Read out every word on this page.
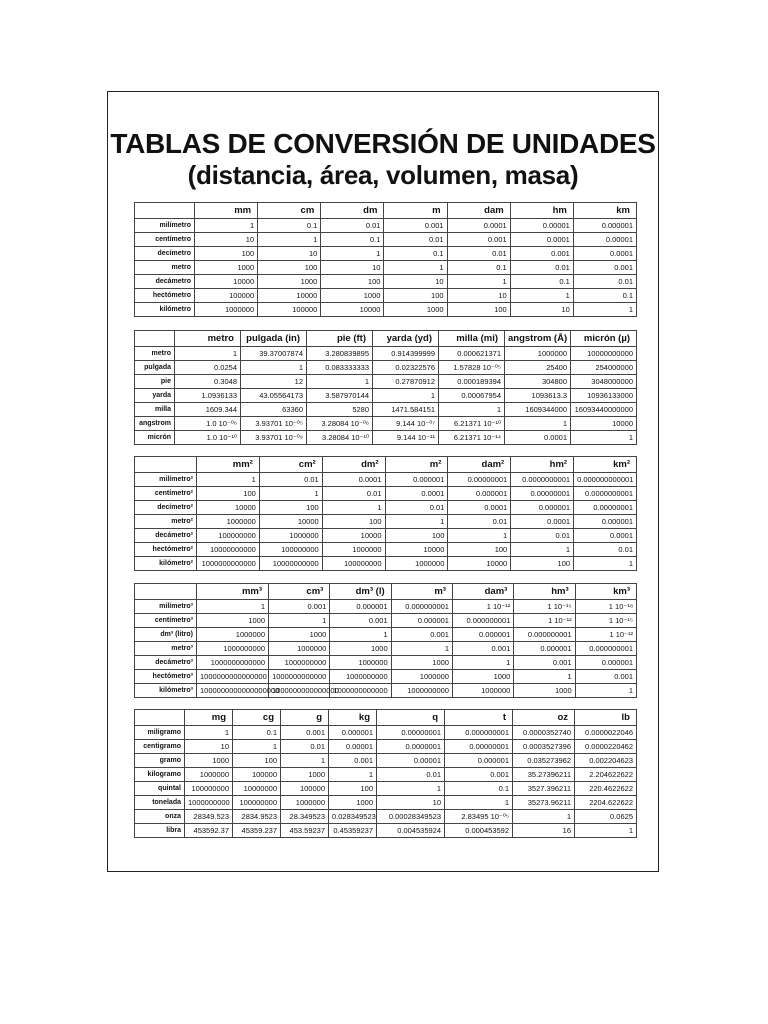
TABLAS DE CONVERSIÓN DE UNIDADES
(distancia, área, volumen, masa)
	mm	cm	dm	m	dam	hm	km
milímetro	1	0.1	0.01	0.001	0.0001	0.00001	0.000001
centímetro	10	1	0.1	0.01	0.001	0.0001	0.00001
decímetro	100	10	1	0.1	0.01	0.001	0.0001
metro	1000	100	10	1	0.1	0.01	0.001
decámetro	10000	1000	100	10	1	0.1	0.01
hectómetro	100000	10000	1000	100	10	1	0.1
kilómetro	1000000	100000	10000	1000	100	10	1
	metro	pulgada (in)	pie (ft)	yarda (yd)	milla (mi)	angstrom (Å)	micrón (µ)
metro	1	39.37007874	3.280839895	0.914399999	0.000621371	1000000	10000000000
pulgada	0.0254	1	0.083333333	0.02322576	1.57828 10⁻⁰⁵	25400	254000000
pie	0.3048	12	1	0.27870912	0.000189394	304800	3048000000
yarda	1.0936133	43.05564173	3.587970144	1	0.00067954	1093613.3	10936133000
milla	1609.344	63360	5280	1471.584151	1	1609344000	16093440000000
angstrom	1.0 10⁻⁰⁶	3.93701 10⁻⁰⁵	3.28084 10⁻⁰⁶	9.144 10⁻⁰⁷	6.21371 10⁻¹⁰	1	10000
micrón	1.0 10⁻¹⁰	3.93701 10⁻⁰⁹	3.28084 10⁻¹⁰	9.144 10⁻¹¹	6.21371 10⁻¹⁴	0.0001	1
	mm²	cm²	dm²	m²	dam²	hm²	km²
milímetro²	1	0.01	0.0001	0.000001	0.00000001	0.0000000001	0.000000000001
centímetro²	100	1	0.01	0.0001	0.000001	0.00000001	0.0000000001
decímetro²	10000	100	1	0.01	0.0001	0.000001	0.00000001
metro²	1000000	10000	100	1	0.01	0.0001	0.000001
decámetro²	100000000	1000000	10000	100	1	0.01	0.0001
hectómetro²	10000000000	100000000	1000000	10000	100	1	0.01
kilómetro²	1000000000000	10000000000	100000000	1000000	10000	100	1
	mm³	cm³	dm³ (l)	m³	dam³	hm³	km³
milímetro³	1	0.001	0.000001	0.000000001	1 10⁻¹²	1 10⁻¹⁵	1 10⁻¹⁸
centímetro³	1000	1	0.001	0.000001	0.000000001	1 10⁻¹²	1 10⁻¹⁵
dm³ (litro)	1000000	1000	1	0.001	0.000001	0.000000001	1 10⁻¹²
metro³	1000000000	1000000	1000	1	0.001	0.000001	0.000000001
decámetro³	1000000000000	1000000000	1000000	1000	1	0.001	0.000001
hectómetro³	1000000000000000	1000000000000	1000000000	1000000	1000	1	0.001
kilómetro³	1000000000000000000	1000000000000000	1000000000000	1000000000	1000000	1000	1
	mg	cg	g	kg	q	t	oz	lb
miligramo	1	0.1	0.001	0.000001	0.00000001	0.000000001	0.0000352740	0.0000022046
centigramo	10	1	0.01	0.00001	0.0000001	0.00000001	0.0003527396	0.0000220462
gramo	1000	100	1	0.001	0.00001	0.000001	0.035273962	0.002204623
kilogramo	1000000	100000	1000	1	0.01	0.001	35.27396211	2.204622622
quintal	100000000	10000000	100000	100	1	0.1	3527.396211	220.4622622
tonelada	1000000000	100000000	1000000	1000	10	1	35273.96211	2204.622622
onza	28349.523	2834.9523	28.349523	0.028349523	0.00028349523	2.83495 10⁻⁰⁵	1	0.0625
libra	453592.37	45359.237	453.59237	0.45359237	0.004535924	0.000453592	16	1
